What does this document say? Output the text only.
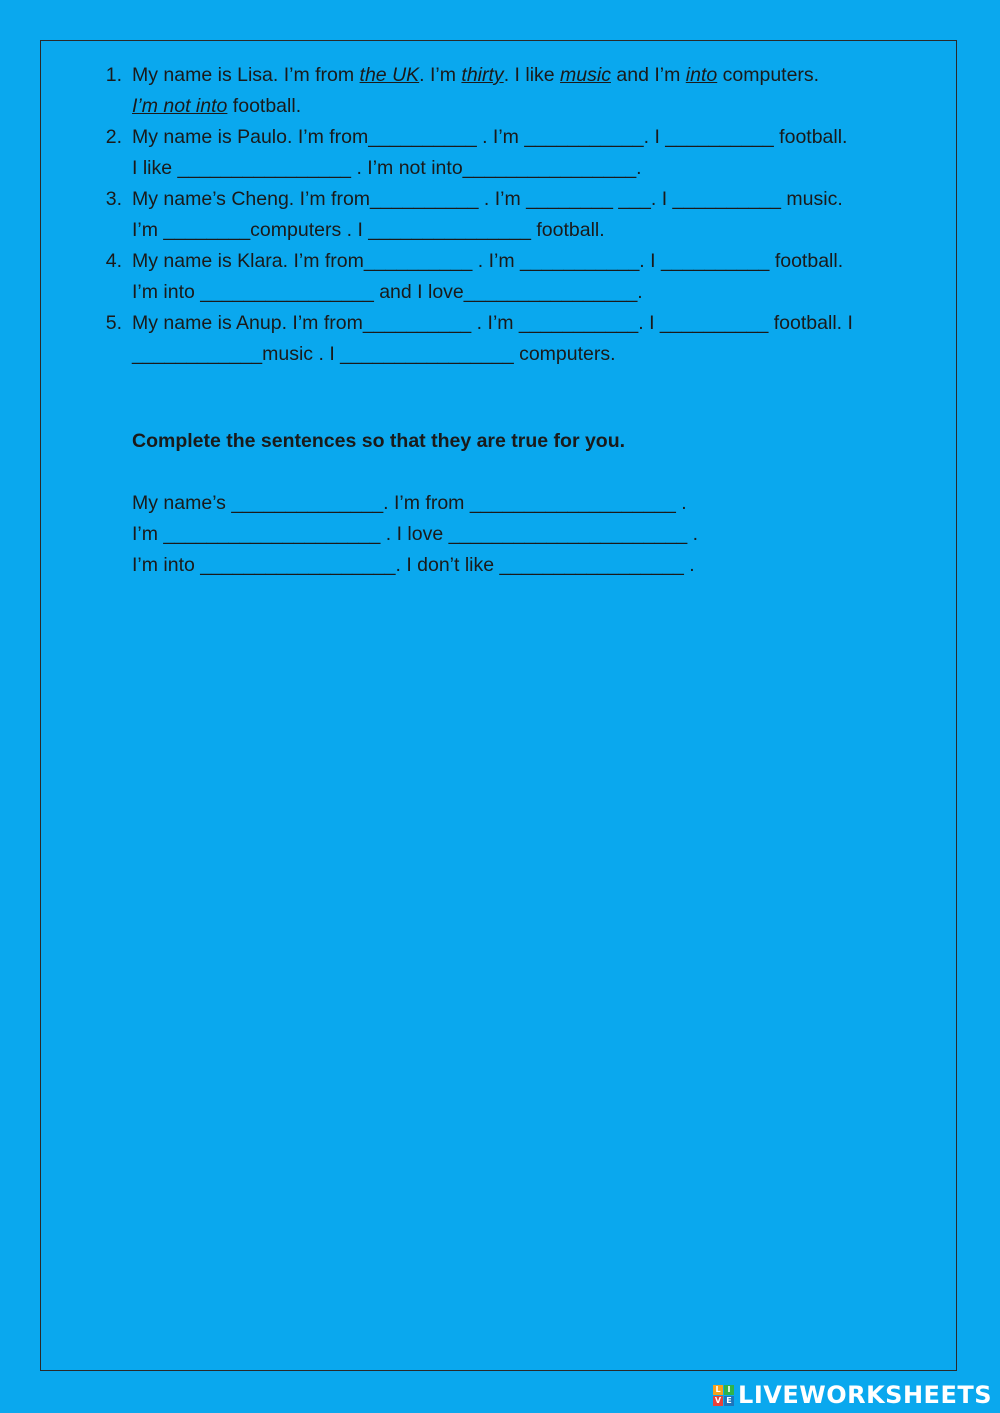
1. My name is Lisa. I’m from the UK. I’m thirty. I like music and I’m into computers.
I’m not into football.
2. My name is Paulo. I’m from__________ . I’m ___________. I __________ football.
I like ________________ . I’m not into________________.
3. My name’s Cheng. I’m from__________ . I’m ________ ___. I __________ music.
I’m ________computers . I _______________ football.
4. My name is Klara. I’m from__________ . I’m ___________. I __________ football.
I’m into ________________ and I love________________.
5. My name is Anup. I’m from__________ . I’m ___________. I __________ football. I
____________music . I ________________ computers.
Complete the sentences so that they are true for you.
My name’s ______________. I’m from ___________________ .
I’m ____________________ . I love ______________________ .
I’m into __________________. I don’t like _________________ .
L I
V E LIVEWORKSHEETS
